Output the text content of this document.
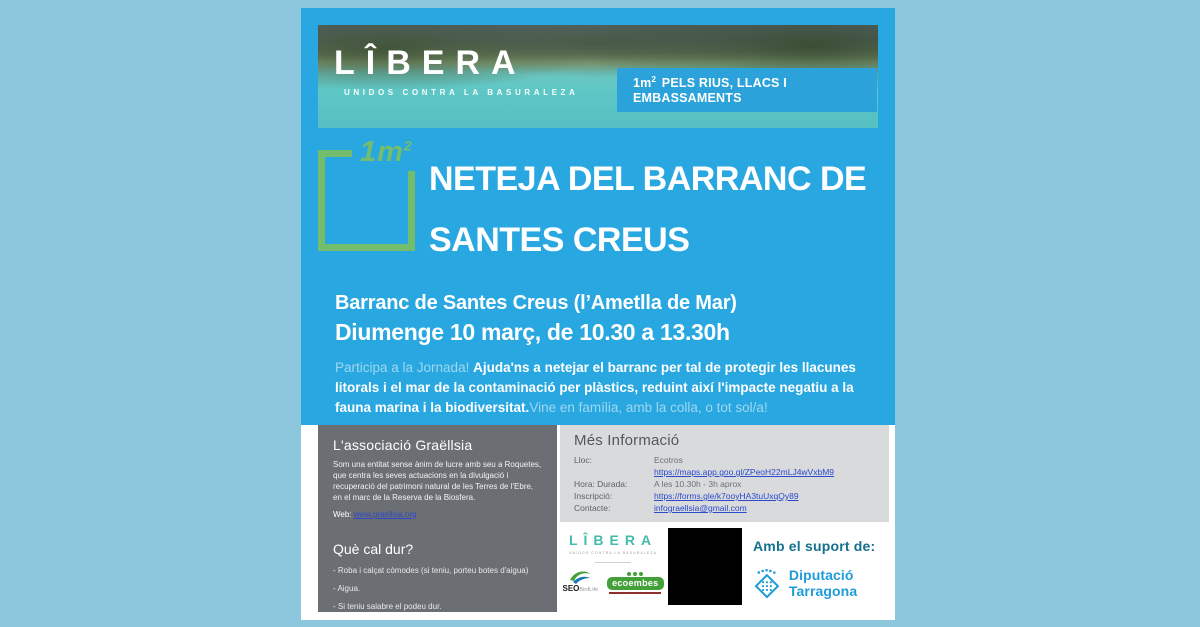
LÎBERA
UNIDOS CONTRA LA BASURALEZA
$1m^2$ PELS RIUS, LLACS I EMBASSAMENTS
$1m^2$
NETEJA DEL BARRANC DE
SANTES CREUS
Barranc de Santes Creus (l’Ametlla de Mar)
Diumenge 10 març, de 10.30 a 13.30h
Participa a la Jornada! Ajuda'ns a netejar el barranc per tal de protegir les llacunes litorals i el mar de la contaminació per plàstics, reduint així l'impacte negatiu a la fauna marina i la biodiversitat.Vine en família, amb la colla, o tot sol/a!
L'associació Graëllsia
Som una entitat sense ànim de lucre amb seu a Roquetes, que centra les seves actuacions en la divulgació i recuperació del patrimoni natural de les Terres de l'Ebre, en el marc de la Reserva de la Biosfera.
Web: www.graellsia.org
Què cal dur?
- Roba i calçat còmodes (si teniu, porteu botes d'aigua)
- Aigua.
- Si teniu salabre el podeu dur.
Més Informació
Lloc:	Ecotros
https://maps.app.goo.gl/ZPeoH22mLJ4wVxbM9
Hora: Durada:	A les 10.30h - 3h aprox
Inscripció:	https://forms.gle/k7ooyHA3tuUxqQy89
Contacte:	infograellsia@gmail.com
LÎBERA
UNIDOS CONTRA LA BASURALEZA
SEOBirdLife
ecoembes
Amb el suport de:
Diputació Tarragona
